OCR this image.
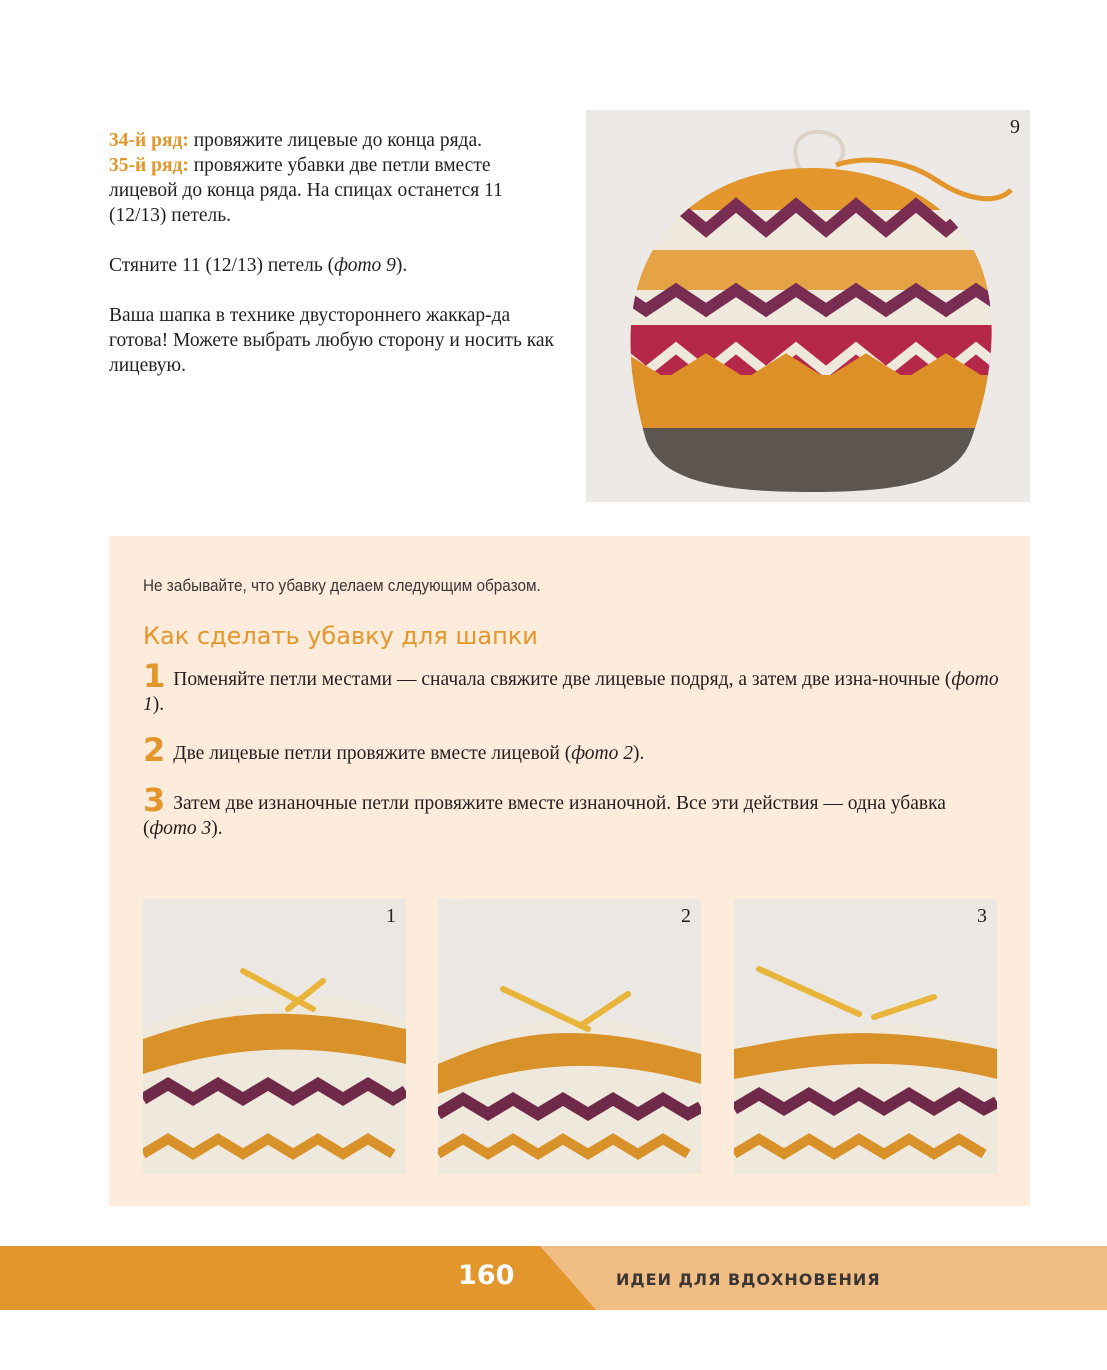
34-й ряд: провяжите лицевые до конца ряда.
35-й ряд: провяжите убавки две петли вместе лицевой до конца ряда. На спицах останется 11 (12/13) петель.

Стяните 11 (12/13) петель (фото 9).

Ваша шапка в технике двустороннего жаккар-да готова! Можете выбрать любую сторону и носить как лицевую.

9
Не забывайте, что убавку делаем следующим образом.
Как сделать убавку для шапки
1 Поменяйте петли местами — сначала свяжите две лицевые подряд, а затем две изна-ночные (фото 1).
2 Две лицевые петли провяжите вместе лицевой (фото 2).
3 Затем две изнаночные петли провяжите вместе изнаночной. Все эти действия — одна убавка (фото 3).
1	2	3
160	ИДЕИ ДЛЯ ВДОХНОВЕНИЯ
